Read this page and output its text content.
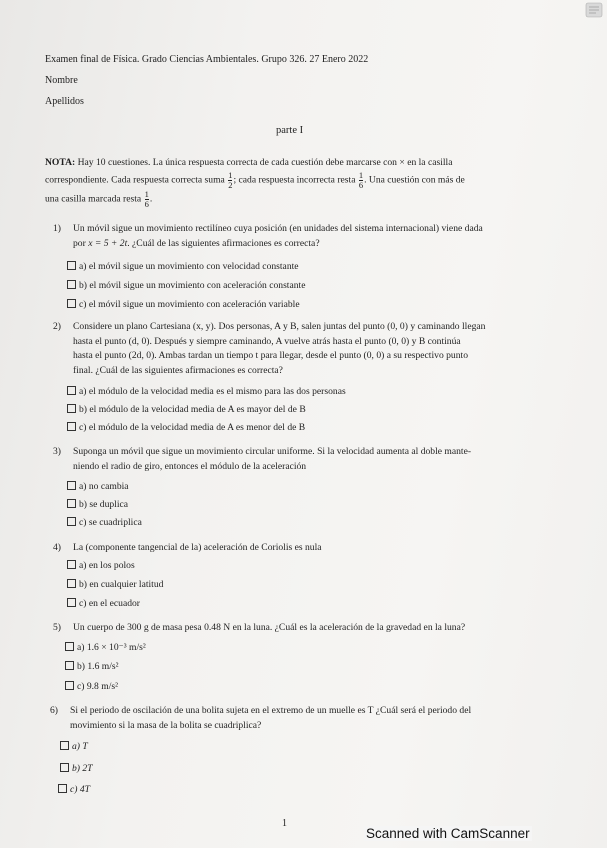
Examen final de Física. Grado Ciencias Ambientales. Grupo 326. 27 Enero 2022
Nombre
Apellidos
parte I
NOTA: Hay 10 cuestiones. La única respuesta correcta de cada cuestión debe marcarse con × en la casilla
correspondiente. Cada respuesta correcta suma $\frac{1}{2}$ ; cada respuesta incorrecta resta $\frac{1}{6}$ . Una cuestión con más de
una casilla marcada resta $\frac{1}{6}$ .
1) Un móvil sigue un movimiento rectilíneo cuya posición (en unidades del sistema internacional) viene dada
por x = 5 + 2t. ¿Cuál de las siguientes afirmaciones es correcta?
a) el móvil sigue un movimiento con velocidad constante
b) el móvil sigue un movimiento con aceleración constante
c) el móvil sigue un movimiento con aceleración variable
2) Considere un plano Cartesiana (x, y). Dos personas, A y B, salen juntas del punto (0, 0) y caminando llegan
hasta el punto (d, 0). Después y siempre caminando, A vuelve atrás hasta el punto (0, 0) y B continúa
hasta el punto (2d, 0). Ambas tardan un tiempo t para llegar, desde el punto (0, 0) a su respectivo punto
final. ¿Cuál de las siguientes afirmaciones es correcta?
a) el módulo de la velocidad media es el mismo para las dos personas
b) el módulo de la velocidad media de A es mayor del de B
c) el módulo de la velocidad media de A es menor del de B
3) Suponga un móvil que sigue un movimiento circular uniforme. Si la velocidad aumenta al doble mante-
niendo el radio de giro, entonces el módulo de la aceleración
a) no cambia
b) se duplica
c) se cuadriplica
4) La (componente tangencial de la) aceleración de Coriolis es nula
a) en los polos
b) en cualquier latitud
c) en el ecuador
5) Un cuerpo de 300 g de masa pesa 0.48 N en la luna. ¿Cuál es la aceleración de la gravedad en la luna?
a) 1.6 × 10⁻³ m/s²
b) 1.6 m/s²
c) 9.8 m/s²
6) Si el periodo de oscilación de una bolita sujeta en el extremo de un muelle es T ¿Cuál será el periodo del
movimiento si la masa de la bolita se cuadriplica?
a) T
b) 2T
c) 4T
1
Scanned with CamScanner
